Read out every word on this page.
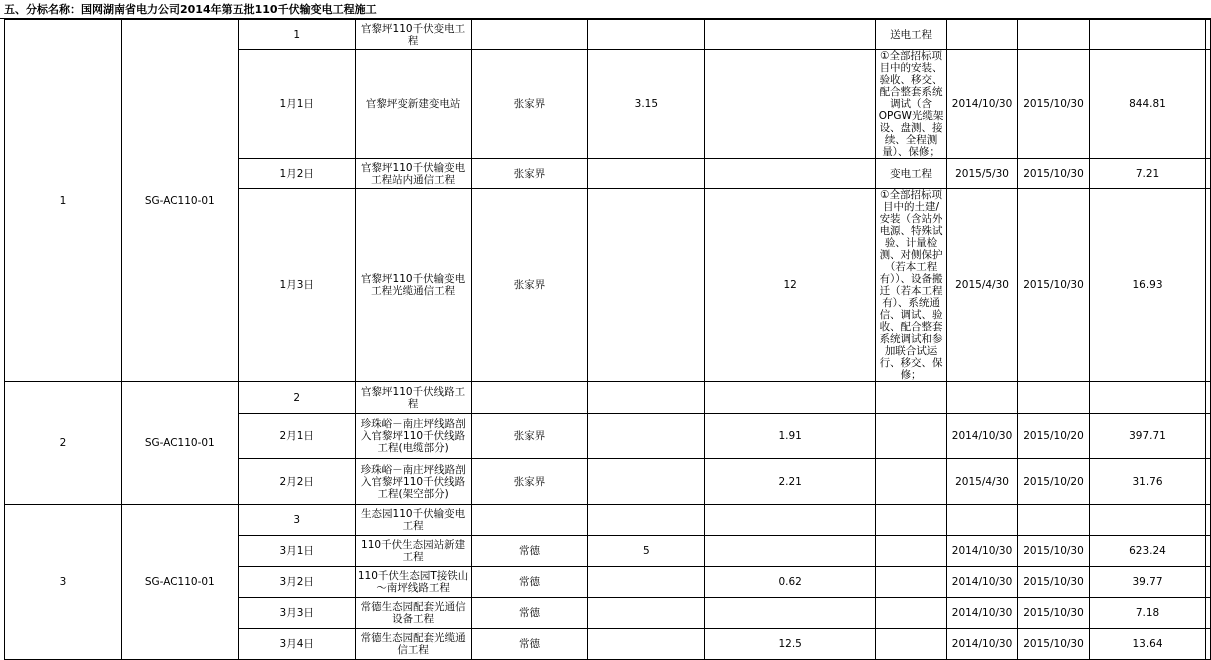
五、分标名称：国网湖南省电力公司2014年第五批110千伏输变电工程施工
1	SG-AC110-01	1	官黎坪110千伏变电工程				送电工程				
		1月1日	官黎坪变新建变电站	张家界	3.15		①全部招标项目中的安装、验收、移交、配合整套系统调试（含OPGW光缆架设、盘测、接续、全程测量）、保修；	2014/10/30	2015/10/30	844.81	
		1月2日	官黎坪110千伏输变电工程站内通信工程	张家界			变电工程	2015/5/30	2015/10/30	7.21	
		1月3日	官黎坪110千伏输变电工程光缆通信工程	张家界		12	①全部招标项目中的土建/安装（含站外电源、特殊试验、计量检测、对侧保护（若本工程有））、设备搬迁（若本工程有）、系统通信、调试、验收、配合整套系统调试和参加联合试运行、移交、保修；	2015/4/30	2015/10/30	16.93	
2	SG-AC110-01	2	官黎坪110千伏线路工程								
		2月1日	珍珠峪－南庄坪线路剖入官黎坪110千伏线路工程(电缆部分)	张家界		1.91		2014/10/30	2015/10/20	397.71	
		2月2日	珍珠峪－南庄坪线路剖入官黎坪110千伏线路工程(架空部分)	张家界		2.21		2015/4/30	2015/10/20	31.76	
3	SG-AC110-01	3	生态园110千伏输变电工程								
		3月1日	110千伏生态园站新建工程	常德	5			2014/10/30	2015/10/30	623.24	
		3月2日	110千伏生态园T接铁山～南坪线路工程	常德		0.62		2014/10/30	2015/10/30	39.77	
		3月3日	常德生态园配套光通信设备工程	常德				2014/10/30	2015/10/30	7.18	
		3月4日	常德生态园配套光缆通信工程	常德		12.5		2014/10/30	2015/10/30	13.64	
